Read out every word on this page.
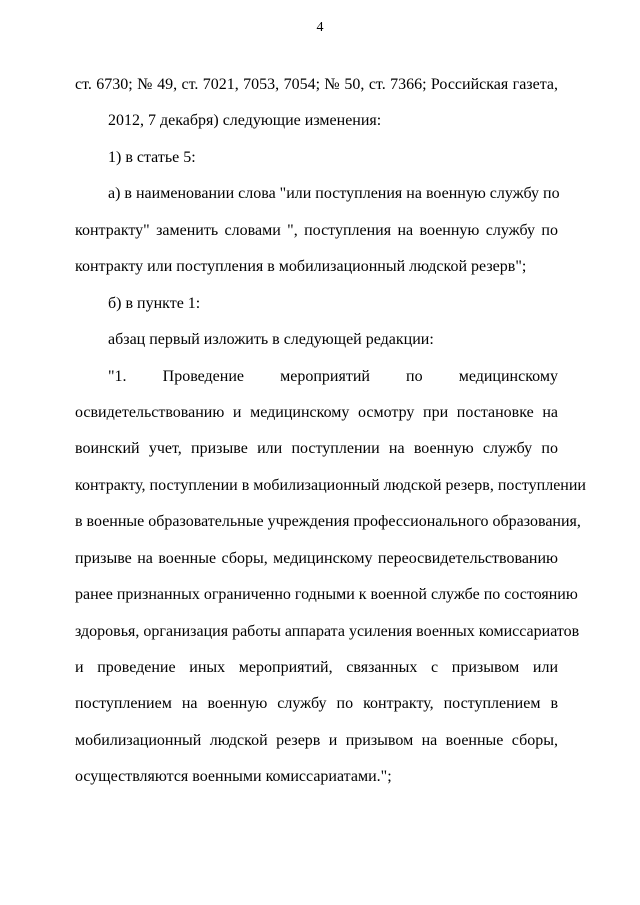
4
ст. 6730; № 49, ст. 7021, 7053, 7054; № 50, ст. 7366; Российская газета,
2012, 7 декабря) следующие изменения:
1) в статье 5:
а) в наименовании слова "или поступления на военную службу по
контракту" заменить словами ", поступления на военную службу по
контракту или поступления в мобилизационный людской резерв";
б) в пункте 1:
абзац первый изложить в следующей редакции:
"1. Проведение мероприятий по медицинскому
освидетельствованию и медицинскому осмотру при постановке на
воинский учет, призыве или поступлении на военную службу по
контракту, поступлении в мобилизационный людской резерв, поступлении
в военные образовательные учреждения профессионального образования,
призыве на военные сборы, медицинскому переосвидетельствованию
ранее признанных ограниченно годными к военной службе по состоянию
здоровья, организация работы аппарата усиления военных комиссариатов
и проведение иных мероприятий, связанных с призывом или
поступлением на военную службу по контракту, поступлением в
мобилизационный людской резерв и призывом на военные сборы,
осуществляются военными комиссариатами.";
